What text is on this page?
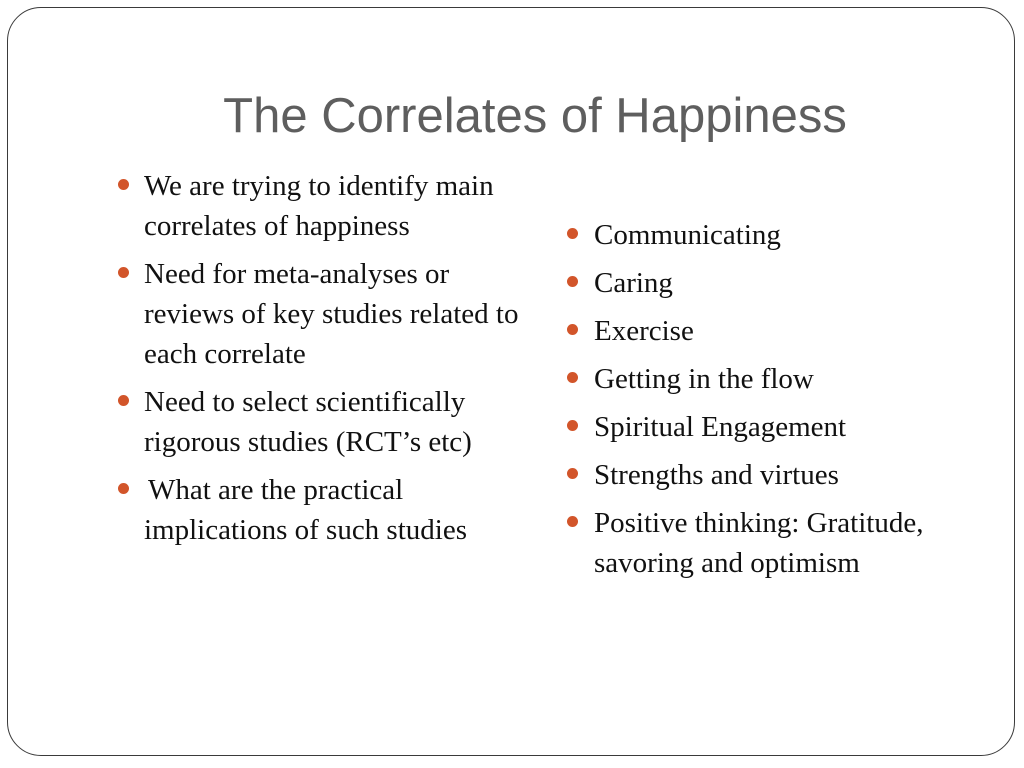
The Correlates of Happiness
We are trying to identify main correlates of happiness
Need for meta-analyses or reviews of key studies related to each correlate
Need to select scientifically rigorous studies (RCT’s etc)
What are the practical implications of such studies
Communicating
Caring
Exercise
Getting in the flow
Spiritual Engagement
Strengths and virtues
Positive thinking: Gratitude, savoring and optimism
